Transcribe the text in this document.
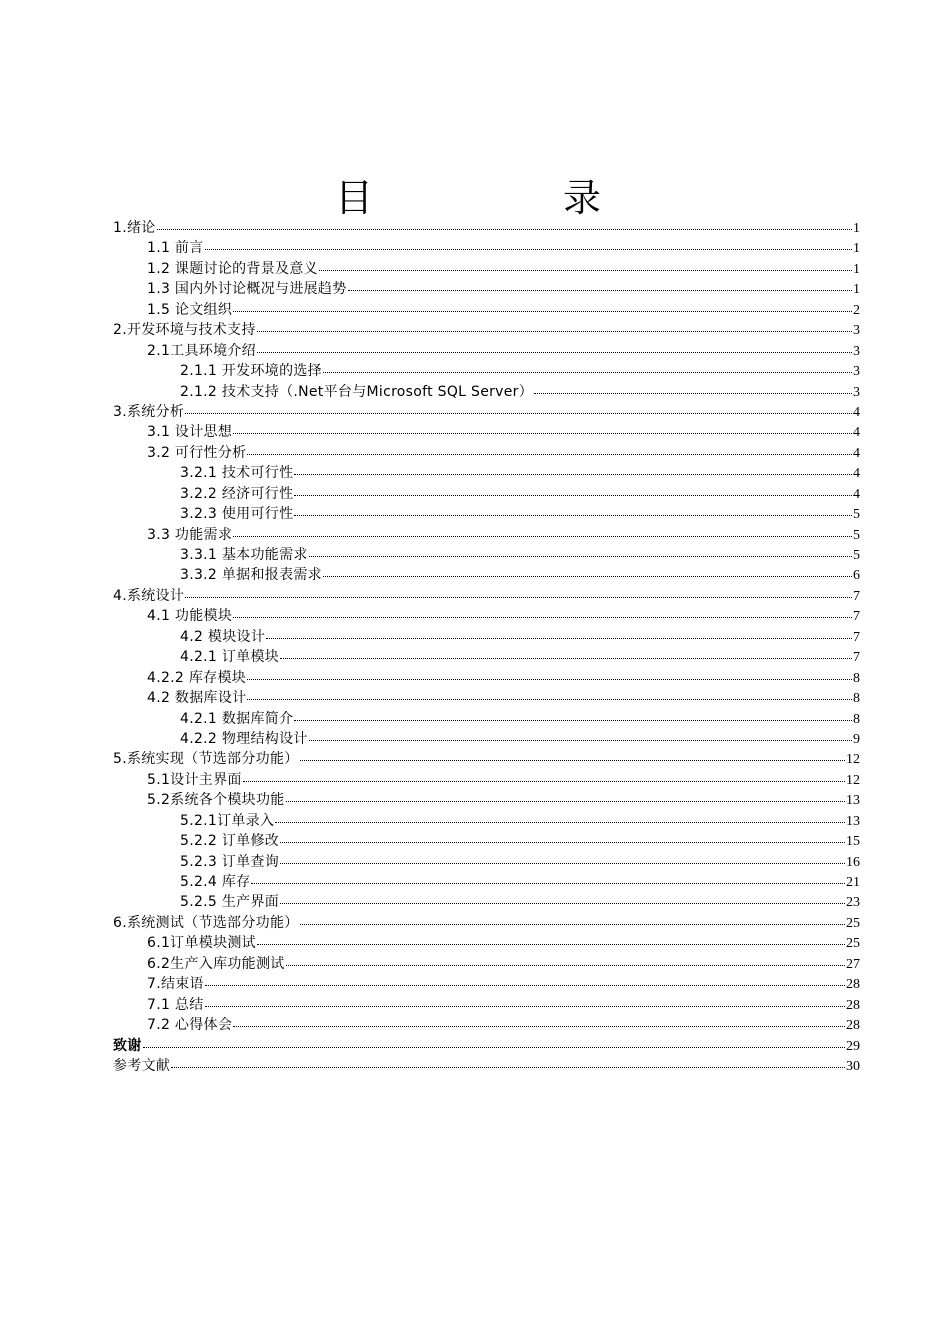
目　录
1.绪论	1
1.1 前言	1
1.2 课题讨论的背景及意义	1
1.3 国内外讨论概况与进展趋势	1
1.5 论文组织	2
2.开发环境与技术支持	3
2.1工具环境介绍	3
2.1.1 开发环境的选择	3
2.1.2 技术支持（.Net平台与Microsoft SQL Server）	3
3.系统分析	4
3.1 设计思想	4
3.2 可行性分析	4
3.2.1 技术可行性	4
3.2.2 经济可行性	4
3.2.3 使用可行性	5
3.3 功能需求	5
3.3.1 基本功能需求	5
3.3.2 单据和报表需求	6
4.系统设计	7
4.1 功能模块	7
4.2 模块设计	7
4.2.1 订单模块	7
4.2.2 库存模块	8
4.2 数据库设计	8
4.2.1 数据库简介	8
4.2.2 物理结构设计	9
5.系统实现（节选部分功能）	12
5.1设计主界面	12
5.2系统各个模块功能	13
5.2.1订单录入	13
5.2.2 订单修改	15
5.2.3 订单查询	16
5.2.4 库存	21
5.2.5 生产界面	23
6.系统测试（节选部分功能）	25
6.1订单模块测试	25
6.2生产入库功能测试	27
7.结束语	28
7.1 总结	28
7.2 心得体会	28
致谢	29
参考文献	30
